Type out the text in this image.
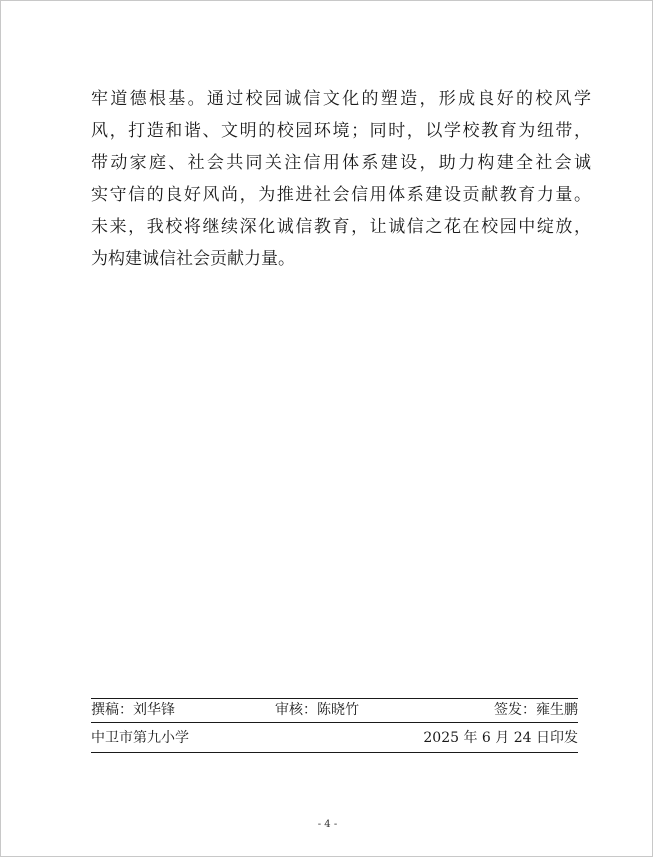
牢道德根基。通过校园诚信文化的塑造，形成良好的校风学
风，打造和谐、文明的校园环境；同时，以学校教育为纽带，
带动家庭、社会共同关注信用体系建设，助力构建全社会诚
实守信的良好风尚，为推进社会信用体系建设贡献教育力量。
未来，我校将继续深化诚信教育，让诚信之花在校园中绽放，
为构建诚信社会贡献力量。
撰稿：刘华锋	审核：陈晓竹	签发：雍生鹏
中卫市第九小学	2025 年 6 月 24 日印发
- 4 -
